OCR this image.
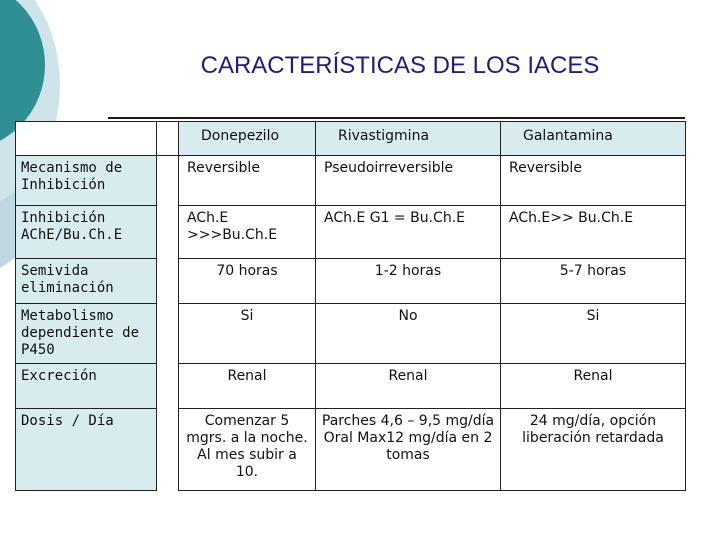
CARACTERÍSTICAS DE LOS IACES
		Donepezilo	Rivastigmina	Galantamina
Mecanismo de Inhibición		Reversible	Pseudoirreversible	Reversible
Inhibición AChE/Bu.Ch.E		ACh.E >>>Bu.Ch.E	ACh.E G1 = Bu.Ch.E	ACh.E>> Bu.Ch.E
Semivida eliminación		70 horas	1-2 horas	5-7 horas
Metabolismo dependiente de P450		Si	No	Si
Excreción		Renal	Renal	Renal
Dosis / Día		Comenzar 5 mgrs. a la noche. Al mes subir a 10.	Parches 4,6 – 9,5 mg/día Oral Max12 mg/día en 2 tomas	24 mg/día, opción liberación retardada
